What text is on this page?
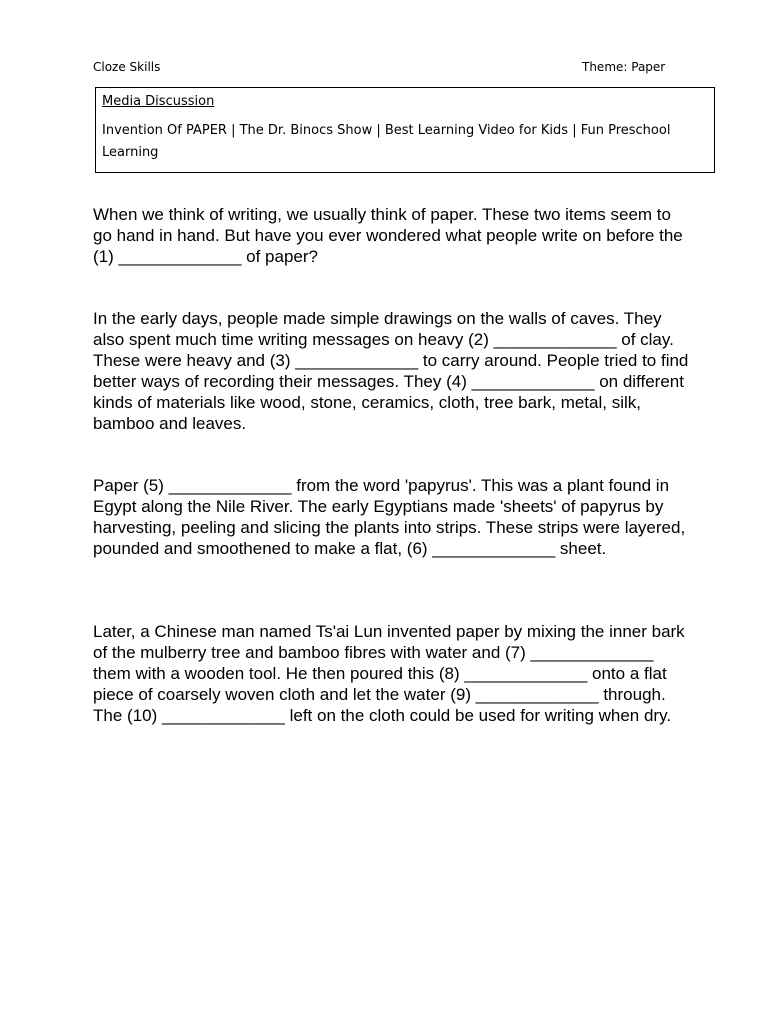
Cloze Skills	Theme: Paper
Media Discussion
Invention Of PAPER | The Dr. Binocs Show | Best Learning Video for Kids | Fun Preschool Learning

When we think of writing, we usually think of paper. These two items seem to go hand in hand. But have you ever wondered what people write on before the (1) _____________ of paper?

In the early days, people made simple drawings on the walls of caves. They also spent much time writing messages on heavy (2) _____________ of clay. These were heavy and (3) _____________ to carry around. People tried to find better ways of recording their messages. They (4) _____________ on different kinds of materials like wood, stone, ceramics, cloth, tree bark, metal, silk, bamboo and leaves.

Paper (5) _____________ from the word 'papyrus'. This was a plant found in Egypt along the Nile River. The early Egyptians made 'sheets' of papyrus by harvesting, peeling and slicing the plants into strips. These strips were layered, pounded and smoothened to make a flat, (6) _____________ sheet.

Later, a Chinese man named Ts'ai Lun invented paper by mixing the inner bark of the mulberry tree and bamboo fibres with water and (7) _____________ them with a wooden tool. He then poured this (8) _____________ onto a flat piece of coarsely woven cloth and let the water (9) _____________ through. The (10) _____________ left on the cloth could be used for writing when dry.
